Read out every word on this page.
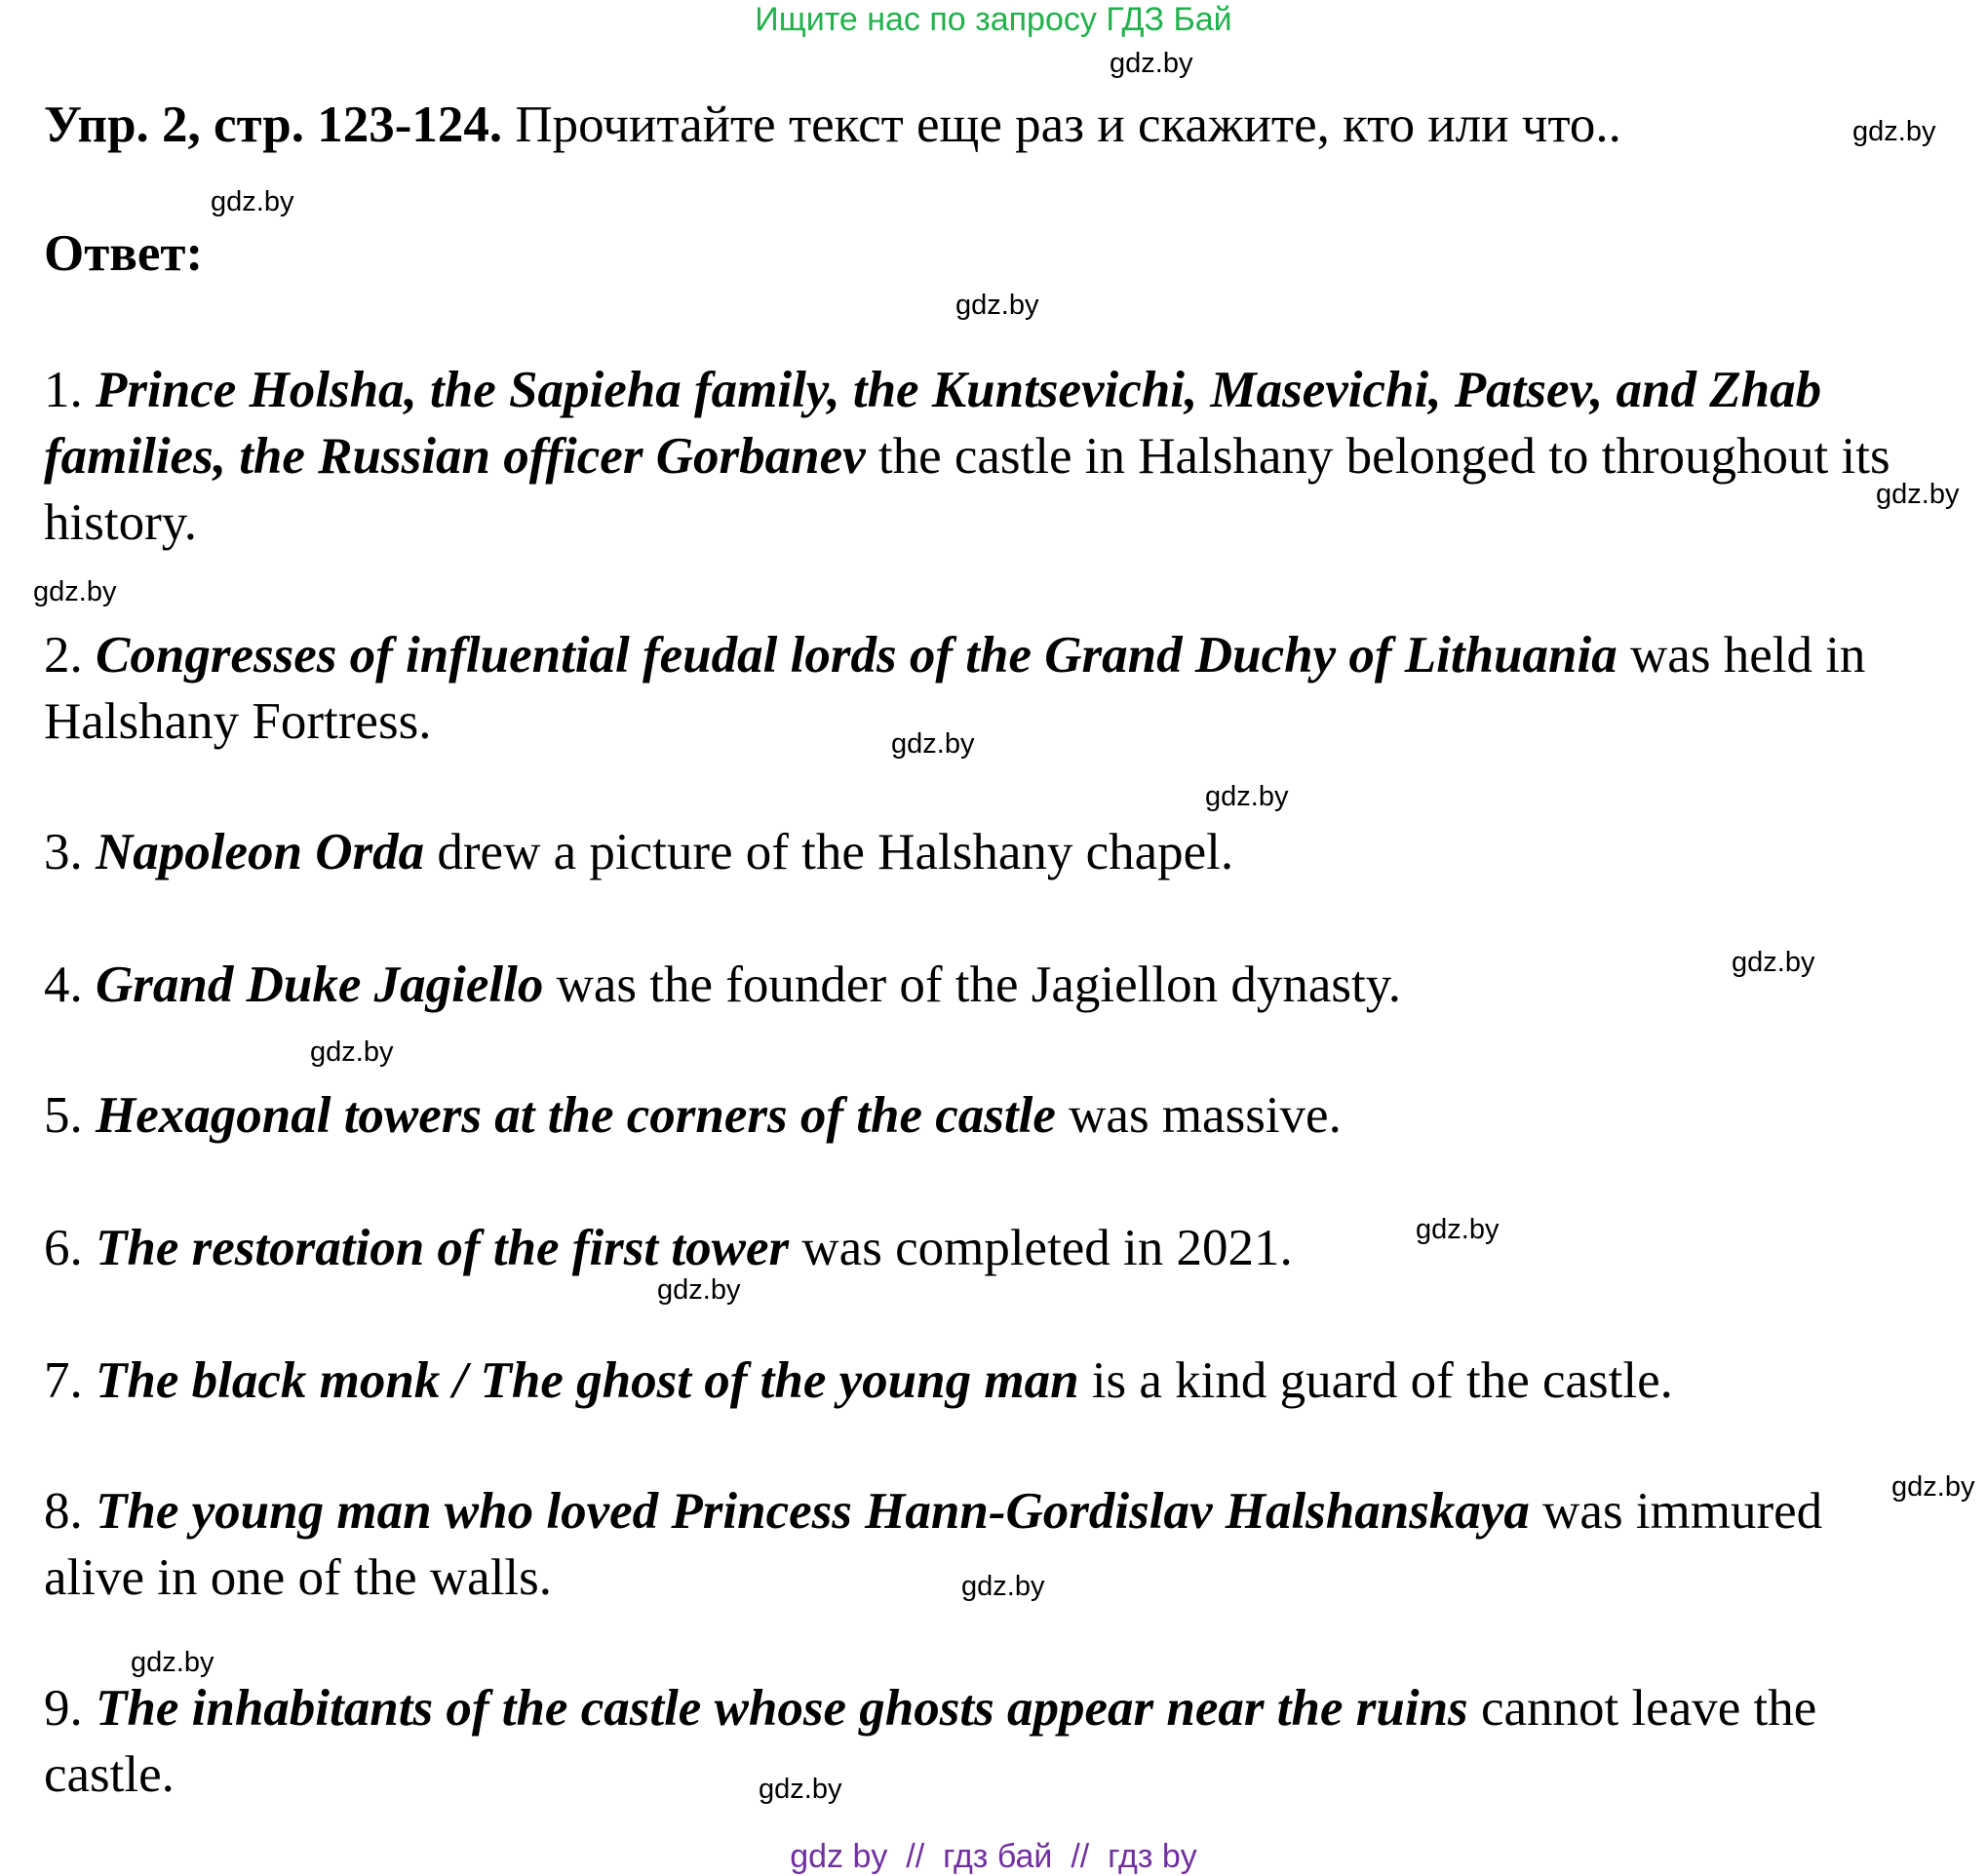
Ищите нас по запросу ГДЗ Бай
Упр. 2, стр. 123-124. Прочитайте текст еще раз и скажите, кто или что..
Ответ:
1. Prince Holsha, the Sapieha family, the Kuntsevichi, Masevichi, Patsev, and Zhab families, the Russian officer Gorbanev the castle in Halshany belonged to throughout its history.
2. Congresses of influential feudal lords of the Grand Duchy of Lithuania was held in Halshany Fortress.
3. Napoleon Orda drew a picture of the Halshany chapel.
4. Grand Duke Jagiello was the founder of the Jagiellon dynasty.
5. Hexagonal towers at the corners of the castle was massive.
6. The restoration of the first tower was completed in 2021.
7. The black monk / The ghost of the young man is a kind guard of the castle.
8. The young man who loved Princess Hann-Gordislav Halshanskaya was immured alive in one of the walls.
9. The inhabitants of the castle whose ghosts appear near the ruins cannot leave the castle.
gdz.by
gdz.by
gdz.by
gdz.by
gdz.by
gdz.by
gdz.by
gdz.by
gdz.by
gdz.by
gdz.by
gdz.by
gdz.by
gdz.by
gdz.by
gdz.by
gdz by  //  гдз бай  //  гдз by
